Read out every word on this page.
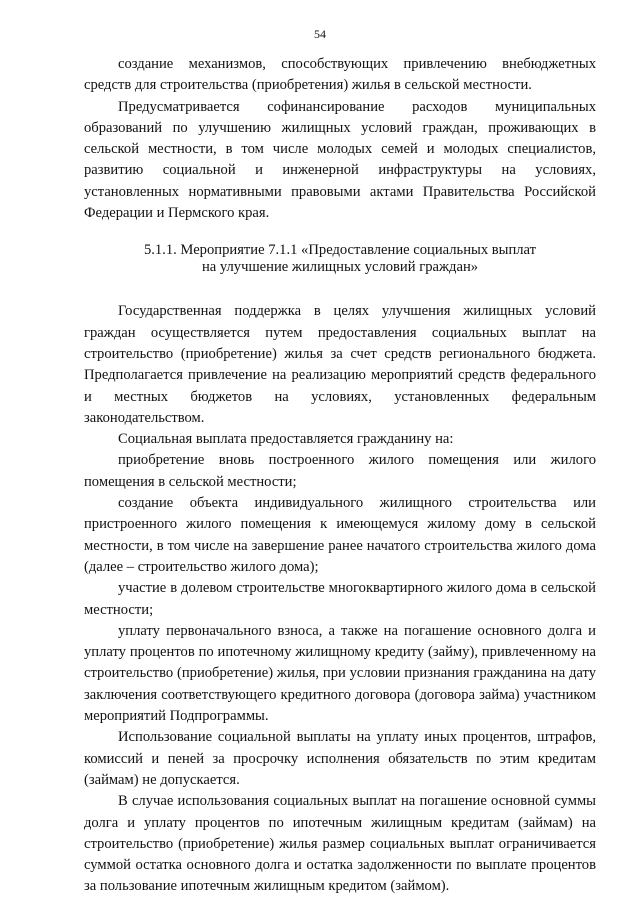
54

создание механизмов, способствующих привлечению внебюджетных средств для строительства (приобретения) жилья в сельской местности.

Предусматривается софинансирование расходов муниципальных образований по улучшению жилищных условий граждан, проживающих в сельской местности, в том числе молодых семей и молодых специалистов, развитию социальной и инженерной инфраструктуры на условиях, установленных нормативными правовыми актами Правительства Российской Федерации и Пермского края.

5.1.1. Мероприятие 7.1.1 «Предоставление социальных выплат
на улучшение жилищных условий граждан»

Государственная поддержка в целях улучшения жилищных условий граждан осуществляется путем предоставления социальных выплат на строительство (приобретение) жилья за счет средств регионального бюджета. Предполагается привлечение на реализацию мероприятий средств федерального и местных бюджетов на условиях, установленных федеральным законодательством.

Социальная выплата предоставляется гражданину на:

приобретение вновь построенного жилого помещения или жилого помещения в сельской местности;

создание объекта индивидуального жилищного строительства или пристроенного жилого помещения к имеющемуся жилому дому в сельской местности, в том числе на завершение ранее начатого строительства жилого дома (далее – строительство жилого дома);

участие в долевом строительстве многоквартирного жилого дома в сельской местности;

уплату первоначального взноса, а также на погашение основного долга и уплату процентов по ипотечному жилищному кредиту (займу), привлеченному на строительство (приобретение) жилья, при условии признания гражданина на дату заключения соответствующего кредитного договора (договора займа) участником мероприятий Подпрограммы.

Использование социальной выплаты на уплату иных процентов, штрафов, комиссий и пеней за просрочку исполнения обязательств по этим кредитам (займам) не допускается.

В случае использования социальных выплат на погашение основной суммы долга и уплату процентов по ипотечным жилищным кредитам (займам) на строительство (приобретение) жилья размер социальных выплат ограничивается суммой остатка основного долга и остатка задолженности по выплате процентов за пользование ипотечным жилищным кредитом (займом).
